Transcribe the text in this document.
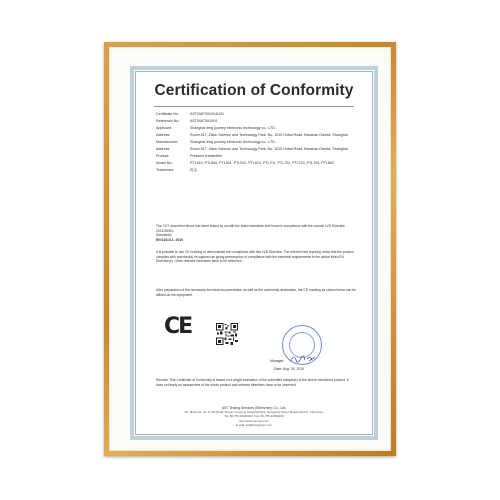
Certification of Conformity
Certificate No.:	AST0087391004LVD
Reference No.:	AST0087391004
Applicant:	Shanghai leeg journey electronic technology co., LTD.
Address:	Room 817, Zikun Science and Technology Park, No. 1010 Hobai Road, Baoshan District, Shanghai
Manufacturer:	Shanghai leeg journey electronic technology co., LTD.
Address:	Room 817, Zikun Science and Technology Park, No. 1010 Hobai Road, Baoshan District, Shanghai
Product:	Pressure transmitter
Model No.:	PTL510, PTL500, PTL501, PTL510, PTL610, PTL701, PTL702, PTL703, PTL704, PTL802
Trademark:	再金
The CUT described above has been tested by us with the listed standards and found in compliance with the council LVD Directive 2014/35/EU.
Standards:
EN 61010-1: 2010
It is possible to use CE marking to demonstrate the compliance with this LVD Directive. The referred test report(s) show that the product complies with standard(s) recognized as giving presumption of compliance with the essential requirements in the above listed EU Directive(s). Other relevant Directives have to be observed.
After preparation of the necessary technical documentation as well as the conformity declaration, the CE marking as shown below can be affixed on the equipment.
CE
Manager:
Date: Aug. 05, 2019
Remark: This Certificate of Conformity is based on a single evaluation of the submitted sample(s) of the above mentioned product. It does not imply an assessment of the whole product and relevant directives have to be observed.
AST Testing Services (Shenzhen) Co., Ltd.
3/F, Block H1, No. 8, 5th Road, Shiyan Yongxing Industrial Park, Songgang Street, Baoan District, Shenzhen.
Tel: 86-755-33030203, Fax: 86-755-33030209
http://www.ast-test.com
E-mail: ast@hangtianjc.com
